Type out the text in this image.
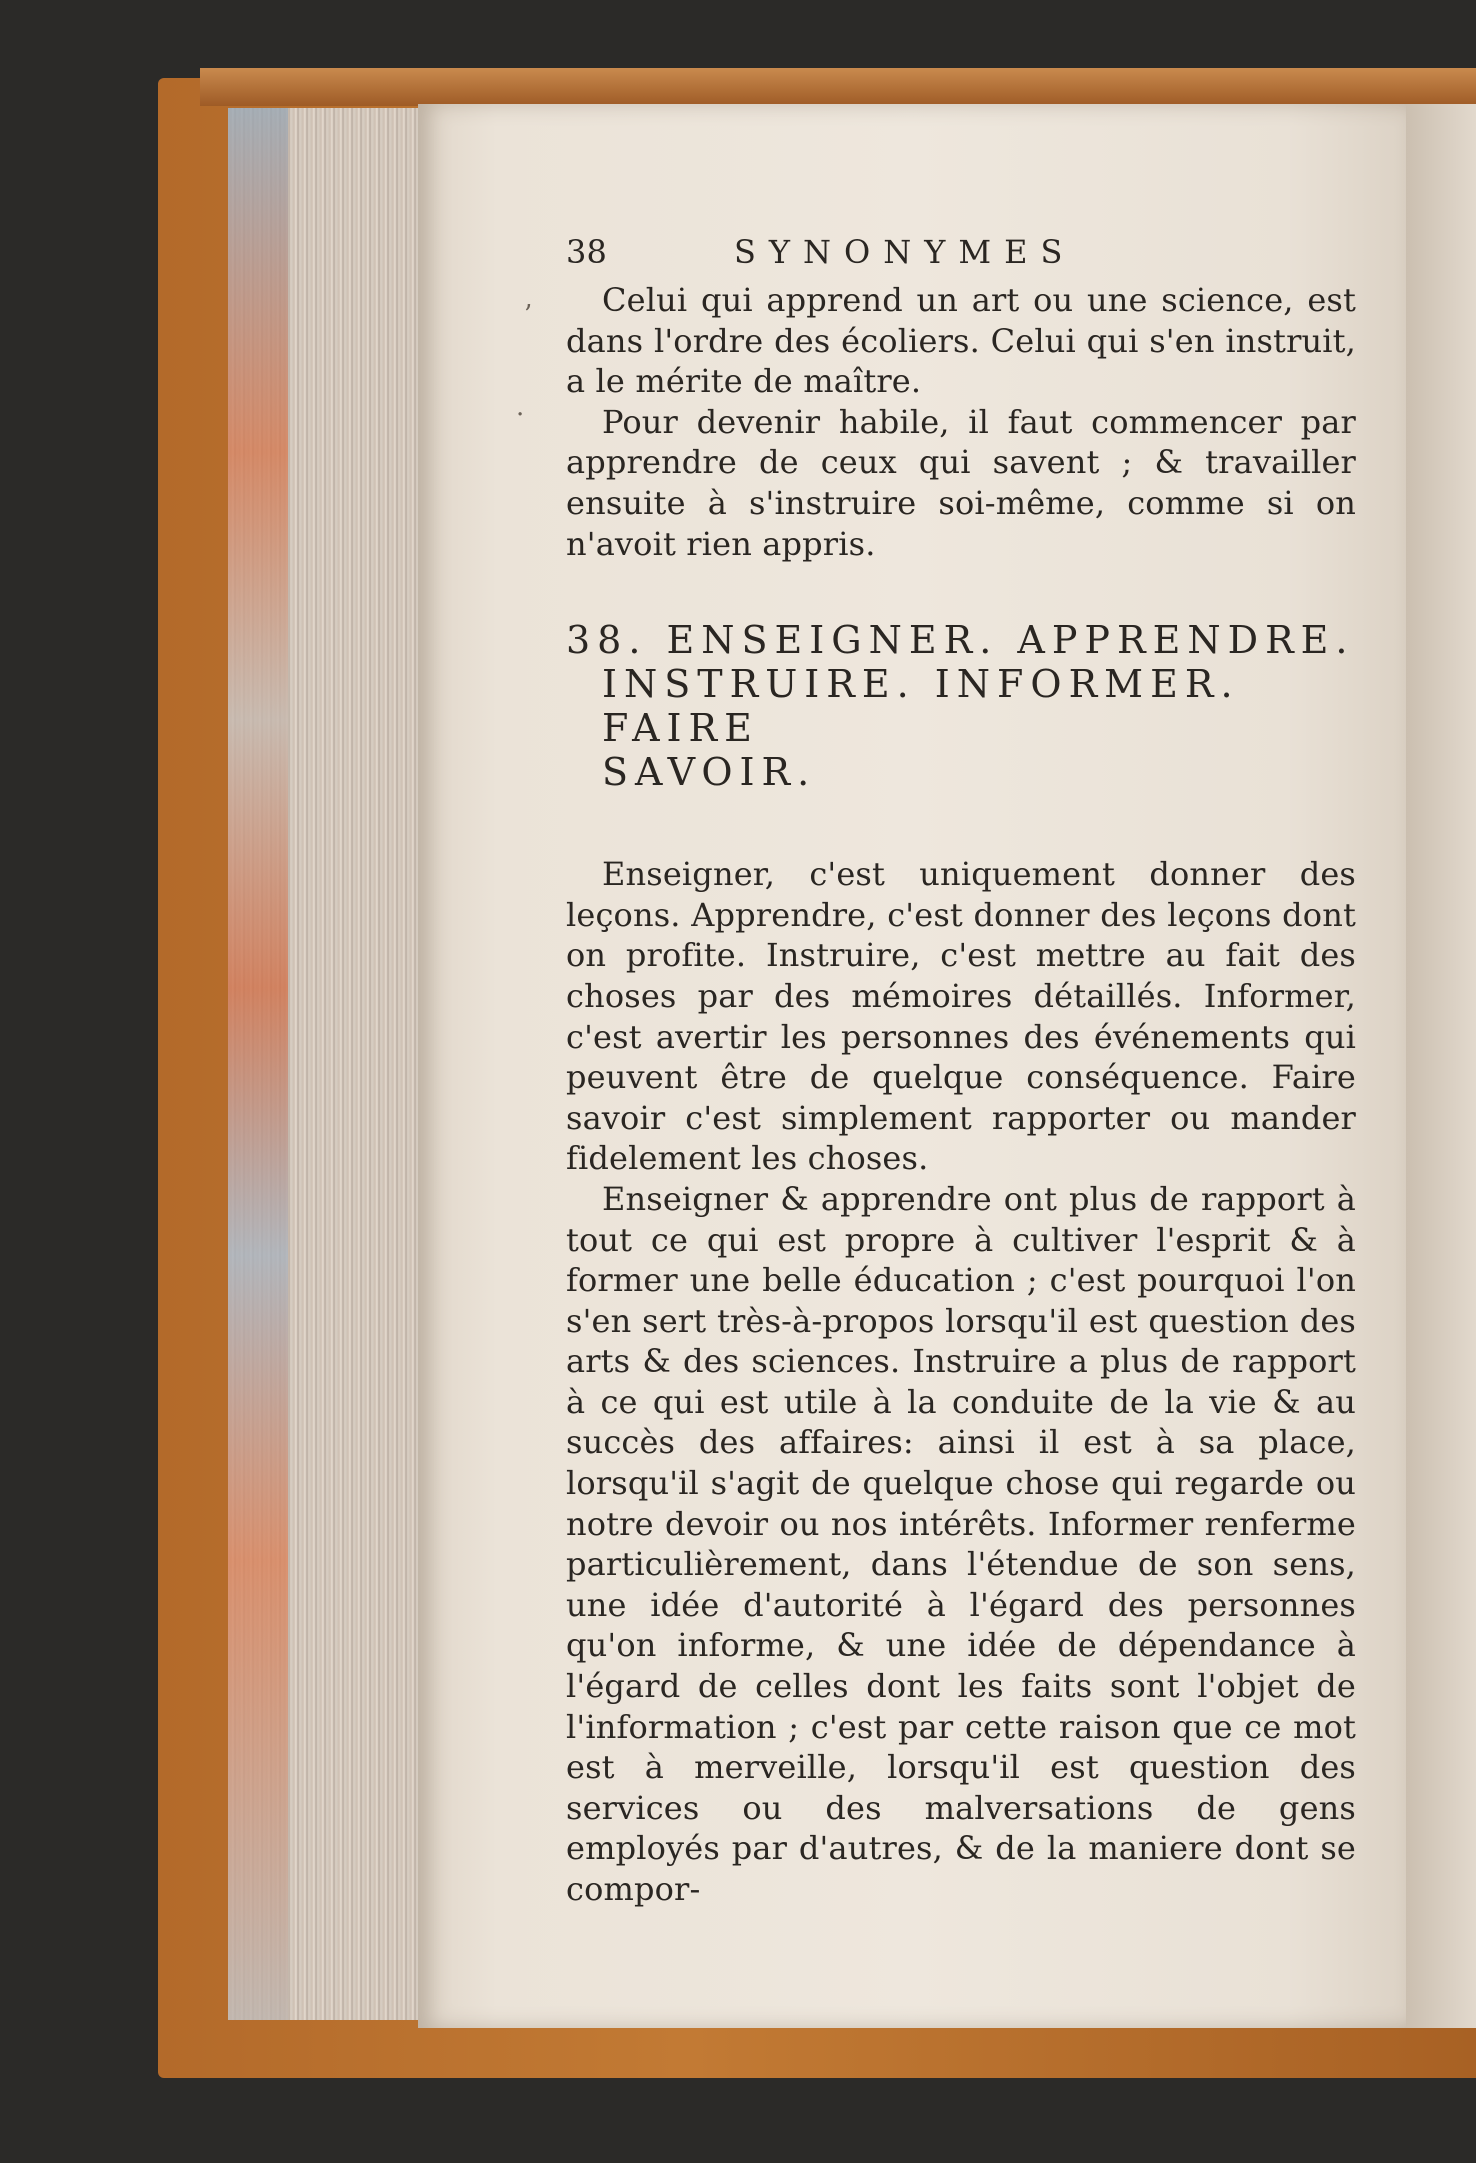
’
·
38	SYNONYMES

Celui qui apprend un art ou une science, est dans l'ordre des écoliers. Celui qui s'en instruit, a le mérite de maître.

Pour devenir habile, il faut commencer par apprendre de ceux qui savent ; & travailler ensuite à s'instruire soi-même, comme si on n'avoit rien appris.

38. ENSEIGNER. APPRENDRE.
INSTRUIRE. INFORMER. FAIRE
SAVOIR.

Enseigner, c'est uniquement donner des leçons. Apprendre, c'est donner des leçons dont on profite. Instruire, c'est mettre au fait des choses par des mémoires détaillés. Informer, c'est avertir les personnes des événements qui peuvent être de quelque conséquence. Faire savoir c'est simplement rapporter ou mander fidelement les choses.

Enseigner & apprendre ont plus de rapport à tout ce qui est propre à cultiver l'esprit & à former une belle éducation ; c'est pourquoi l'on s'en sert très-à-propos lorsqu'il est question des arts & des sciences. Instruire a plus de rapport à ce qui est utile à la conduite de la vie & au succès des affaires: ainsi il est à sa place, lorsqu'il s'agit de quelque chose qui regarde ou notre devoir ou nos intérêts. Informer renferme particulièrement, dans l'étendue de son sens, une idée d'autorité à l'égard des personnes qu'on informe, & une idée de dépendance à l'égard de celles dont les faits sont l'objet de l'information ; c'est par cette raison que ce mot est à merveille, lorsqu'il est question des services ou des malversations de gens employés par d'autres, & de la maniere dont se compor-
